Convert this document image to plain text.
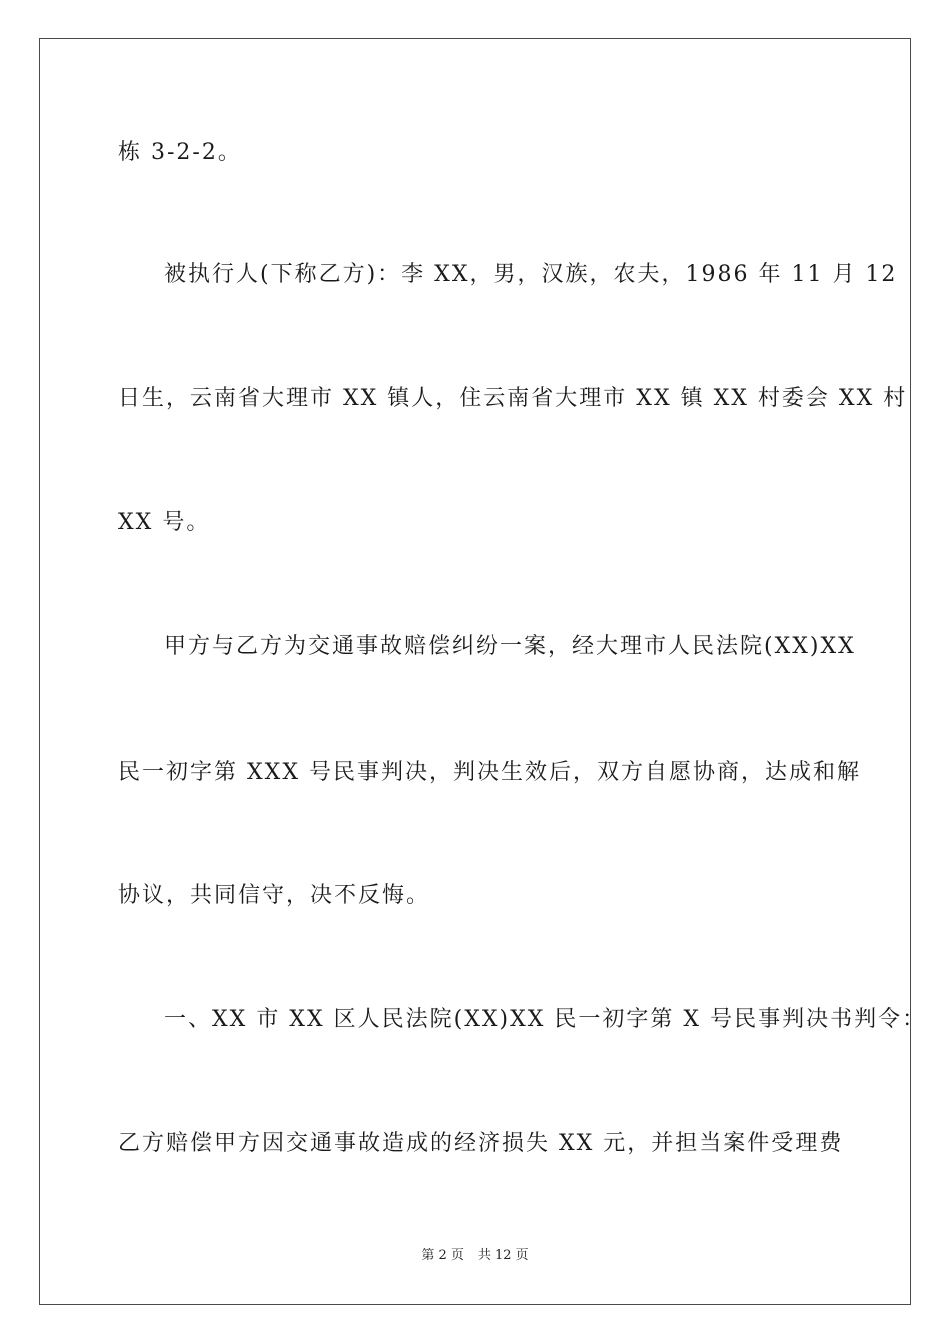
栋 3-2-2。
被执行人(下称乙方)：李 XX，男，汉族，农夫，1986 年 11 月 12
日生，云南省大理市 XX 镇人，住云南省大理市 XX 镇 XX 村委会 XX 村
XX 号。
甲方与乙方为交通事故赔偿纠纷一案，经大理市人民法院(XX)XX
民一初字第 XXX 号民事判决，判决生效后，双方自愿协商，达成和解
协议，共同信守，决不反悔。
一、XX 市 XX 区人民法院(XX)XX 民一初字第 X 号民事判决书判令：
乙方赔偿甲方因交通事故造成的经济损失 XX 元，并担当案件受理费
第 2 页 共 12 页
